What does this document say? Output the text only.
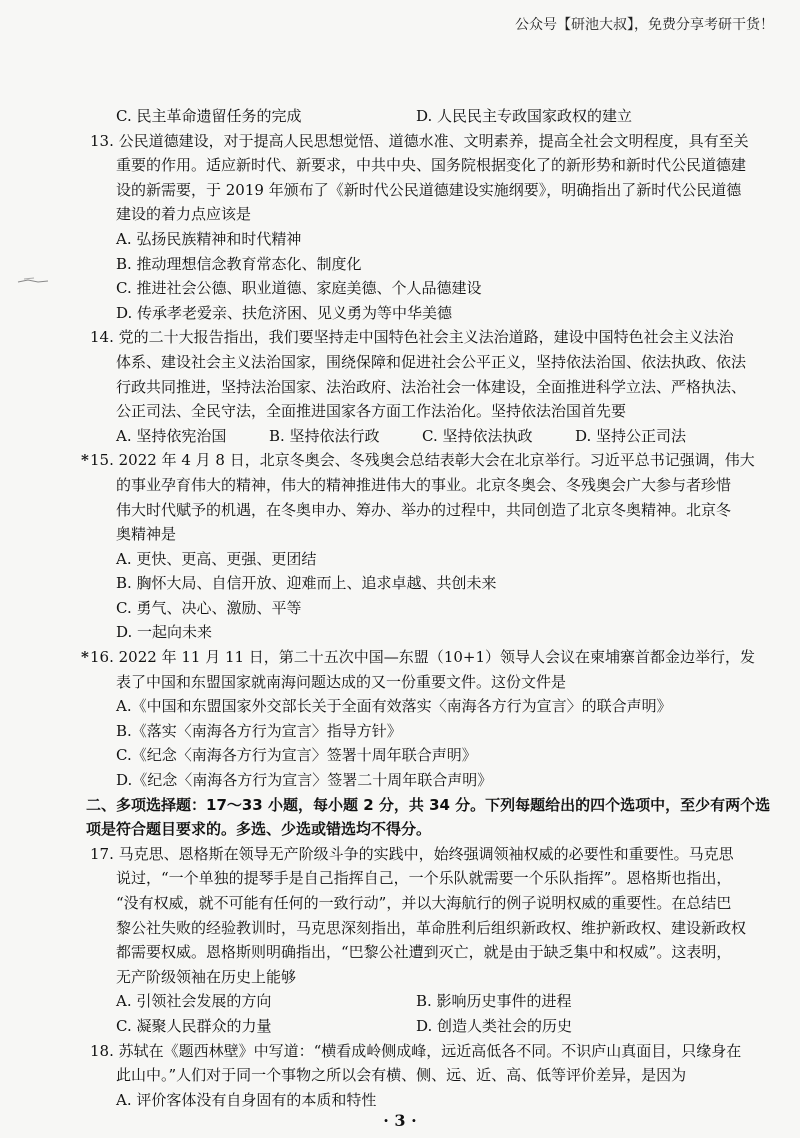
公众号【研池大叔】，免费分享考研干货！
C. 民主革命遗留任务的完成	D. 人民民主专政国家政权的建立
13. 公民道德建设，对于提高人民思想觉悟、道德水准、文明素养，提高全社会文明程度，具有至关
重要的作用。适应新时代、新要求，中共中央、国务院根据变化了的新形势和新时代公民道德建
设的新需要，于 2019 年颁布了《新时代公民道德建设实施纲要》，明确指出了新时代公民道德
建设的着力点应该是
A. 弘扬民族精神和时代精神
B. 推动理想信念教育常态化、制度化
C. 推进社会公德、职业道德、家庭美德、个人品德建设
D. 传承孝老爱亲、扶危济困、见义勇为等中华美德
14. 党的二十大报告指出，我们要坚持走中国特色社会主义法治道路，建设中国特色社会主义法治
体系、建设社会主义法治国家，围绕保障和促进社会公平正义，坚持依法治国、依法执政、依法
行政共同推进，坚持法治国家、法治政府、法治社会一体建设，全面推进科学立法、严格执法、
公正司法、全民守法，全面推进国家各方面工作法治化。坚持依法治国首先要
A. 坚持依宪治国	B. 坚持依法行政	C. 坚持依法执政	D. 坚持公正司法
* 15. 2022 年 4 月 8 日，北京冬奥会、冬残奥会总结表彰大会在北京举行。习近平总书记强调，伟大
的事业孕育伟大的精神，伟大的精神推进伟大的事业。北京冬奥会、冬残奥会广大参与者珍惜
伟大时代赋予的机遇，在冬奥申办、筹办、举办的过程中，共同创造了北京冬奥精神。北京冬
奥精神是
A. 更快、更高、更强、更团结
B. 胸怀大局、自信开放、迎难而上、追求卓越、共创未来
C. 勇气、决心、激励、平等
D. 一起向未来
* 16. 2022 年 11 月 11 日，第二十五次中国—东盟（10+1）领导人会议在柬埔寨首都金边举行，发
表了中国和东盟国家就南海问题达成的又一份重要文件。这份文件是
A.《中国和东盟国家外交部长关于全面有效落实〈南海各方行为宣言〉的联合声明》
B.《落实〈南海各方行为宣言〉指导方针》
C.《纪念〈南海各方行为宣言〉签署十周年联合声明》
D.《纪念〈南海各方行为宣言〉签署二十周年联合声明》
二、多项选择题：17～33 小题，每小题 2 分，共 34 分。下列每题给出的四个选项中，至少有两个选
项是符合题目要求的。多选、少选或错选均不得分。
17. 马克思、恩格斯在领导无产阶级斗争的实践中，始终强调领袖权威的必要性和重要性。马克思
说过，“一个单独的提琴手是自己指挥自己，一个乐队就需要一个乐队指挥”。恩格斯也指出，
“没有权威，就不可能有任何的一致行动”，并以大海航行的例子说明权威的重要性。在总结巴
黎公社失败的经验教训时，马克思深刻指出，革命胜利后组织新政权、维护新政权、建设新政权
都需要权威。恩格斯则明确指出，“巴黎公社遭到灭亡，就是由于缺乏集中和权威”。这表明，
无产阶级领袖在历史上能够
A. 引领社会发展的方向	B. 影响历史事件的进程
C. 凝聚人民群众的力量	D. 创造人类社会的历史
18. 苏轼在《题西林壁》中写道：“横看成岭侧成峰，远近高低各不同。不识庐山真面目，只缘身在
此山中。”人们对于同一个事物之所以会有横、侧、远、近、高、低等评价差异，是因为
A. 评价客体没有自身固有的本质和特性
· 3 ·
